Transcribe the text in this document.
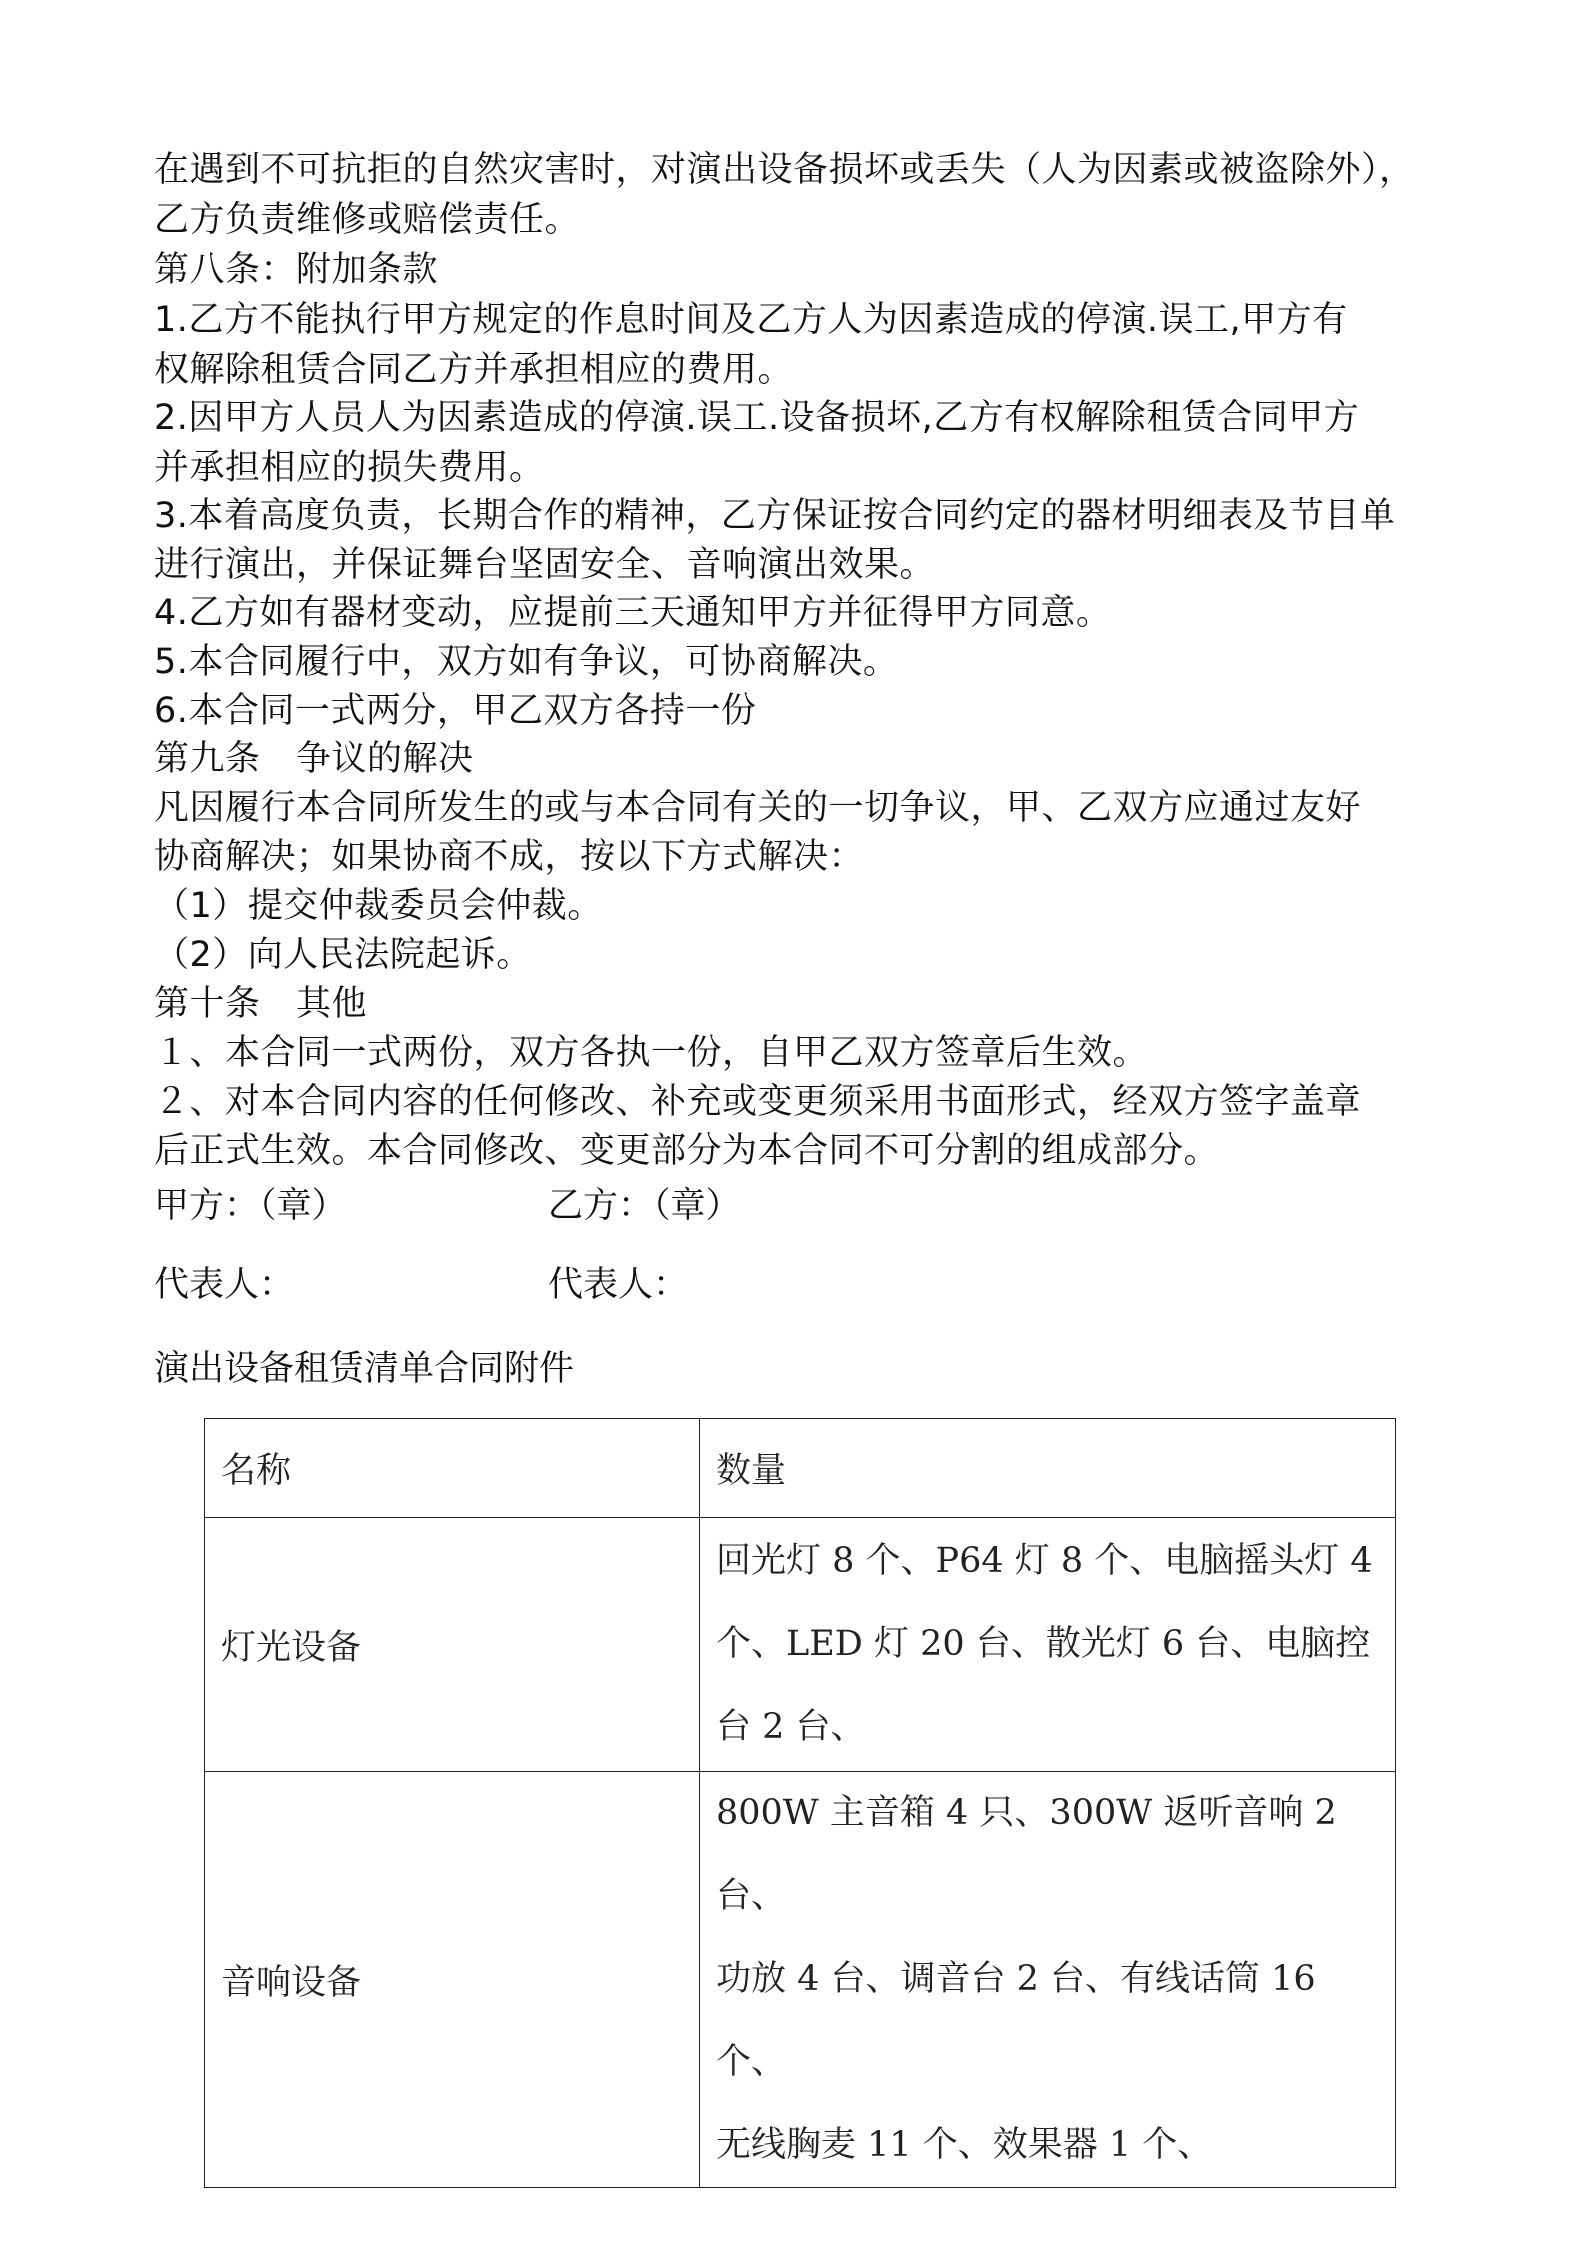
在遇到不可抗拒的自然灾害时，对演出设备损坏或丢失（人为因素或被盗除外），
乙方负责维修或赔偿责任。
第八条：附加条款
1.乙方不能执行甲方规定的作息时间及乙方人为因素造成的停演.误工,甲方有
权解除租赁合同乙方并承担相应的费用。
2.因甲方人员人为因素造成的停演.误工.设备损坏,乙方有权解除租赁合同甲方
并承担相应的损失费用。
3.本着高度负责，长期合作的精神，乙方保证按合同约定的器材明细表及节目单
进行演出，并保证舞台坚固安全、音响演出效果。
4.乙方如有器材变动，应提前三天通知甲方并征得甲方同意。
5.本合同履行中，双方如有争议，可协商解决。
6.本合同一式两分，甲乙双方各持一份
第九条　争议的解决
凡因履行本合同所发生的或与本合同有关的一切争议，甲、乙双方应通过友好
协商解决；如果协商不成，按以下方式解决：
（1）提交仲裁委员会仲裁。
（2）向人民法院起诉。
第十条　其他
１、本合同一式两份，双方各执一份，自甲乙双方签章后生效。
２、对本合同内容的任何修改、补充或变更须采用书面形式，经双方签字盖章
后正式生效。本合同修改、变更部分为本合同不可分割的组成部分。
甲方：（章）	乙方：（章）
代表人：	代表人：
演出设备租赁清单合同附件
名称	数量
灯光设备	回光灯 8 个、P64 灯 8 个、电脑摇头灯 4
个、LED 灯 20 台、散光灯 6 台、电脑控
台 2 台、

音响设备	800W 主音箱 4 只、300W 返听音响 2 台、
功放 4 台、调音台 2 台、有线话筒 16 个、
无线胸麦 11 个、效果器 1 个、
